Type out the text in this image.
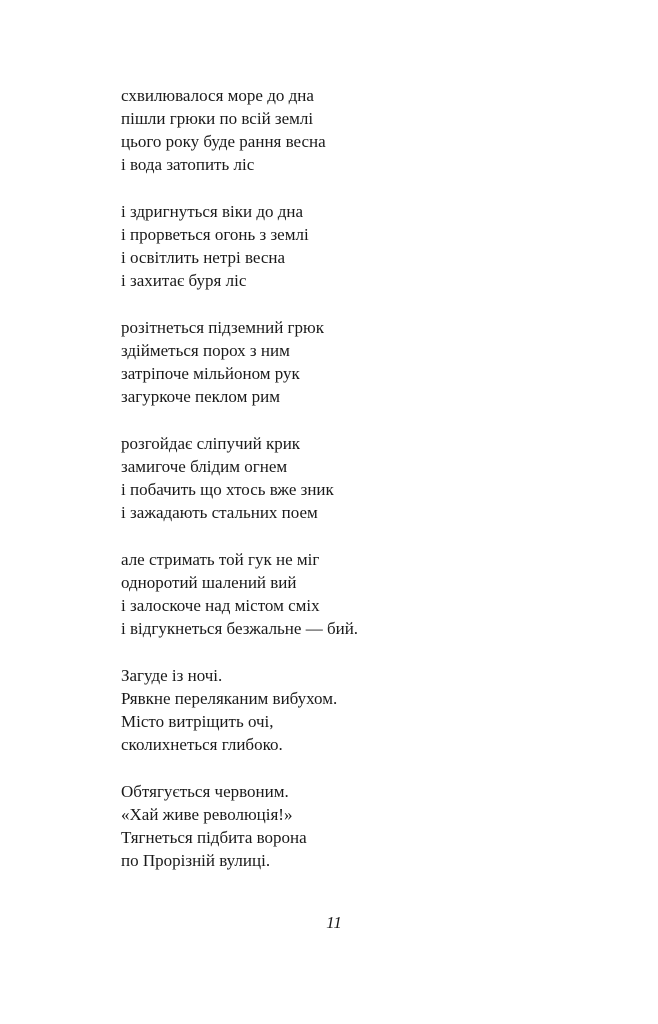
схвилювалося море до дна
пішли грюки по всій землі
цього року буде рання весна
і вода затопить ліс
і здригнуться віки до дна
і прорветься огонь з землі
і освітлить нетрі весна
і захитає буря ліс
розітнеться підземний грюк
здійметься порох з ним
затріпоче мільйоном рук
загуркоче пеклом рим
розгойдає сліпучий крик
замигоче блідим огнем
і побачить що хтось вже зник
і зажадають стальних поем
але стримать той гук не міг
одноротий шалений вий
і залоскоче над містом сміх
і відгукнеться безжальне — бий.
Загуде із ночі.
Рявкне переляканим вибухом.
Місто витріщить очі,
сколихнеться глибоко.
Обтягується червоним.
«Хай живе революція!»
Тягнеться підбита ворона
по Прорізній вулиці.
11
